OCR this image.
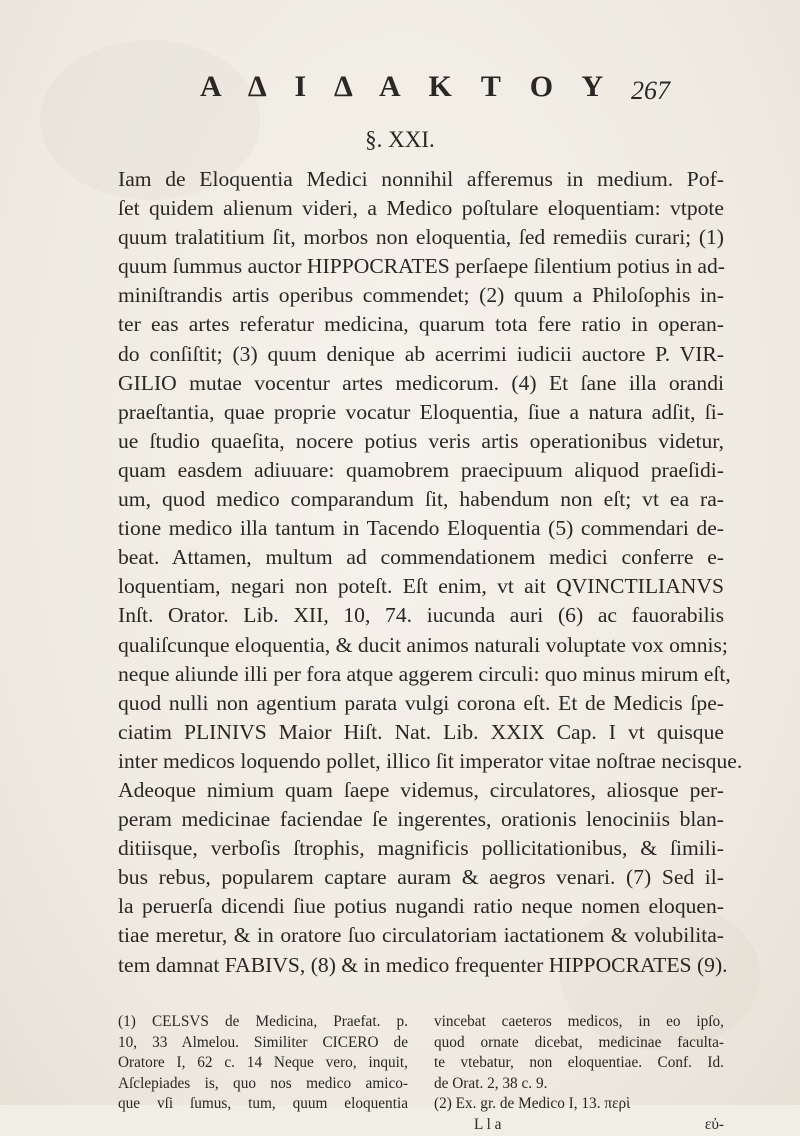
Α Δ Ι Δ Α Κ Τ Ο Υ 267
§. XXI.
Iam de Eloquentia Medici nonnihil afferemus in medium. Pof-
ſet quidem alienum videri, a Medico poſtulare eloquentiam: vtpote
quum tralatitium ſit, morbos non eloquentia, ſed remediis curari; (1)
quum ſummus auctor HIPPOCRATES perſaepe ſilentium potius in ad-
miniſtrandis artis operibus commendet; (2) quum a Philoſophis in-
ter eas artes referatur medicina, quarum tota fere ratio in operan-
do conſiſtit; (3) quum denique ab acerrimi iudicii auctore P. VIR-
GILIO mutae vocentur artes medicorum. (4) Et ſane illa orandi
praeſtantia, quae proprie vocatur Eloquentia, ſiue a natura adſit, ſi-
ue ſtudio quaeſita, nocere potius veris artis operationibus videtur,
quam easdem adiuuare: quamobrem praecipuum aliquod praeſidi-
um, quod medico comparandum ſit, habendum non eſt; vt ea ra-
tione medico illa tantum in Tacendo Eloquentia (5) commendari de-
beat. Attamen, multum ad commendationem medici conferre e-
loquentiam, negari non poteſt. Eſt enim, vt ait QVINCTILIANVS
Inſt. Orator. Lib. XII, 10, 74. iucunda auri (6) ac fauorabilis
qualiſcunque eloquentia, & ducit animos naturali voluptate vox omnis;
neque aliunde illi per fora atque aggerem circuli: quo minus mirum eſt,
quod nulli non agentium parata vulgi corona eſt. Et de Medicis ſpe-
ciatim PLINIVS Maior Hiſt. Nat. Lib. XXIX Cap. I vt quisque
inter medicos loquendo pollet, illico ſit imperator vitae noſtrae necisque.
Adeoque nimium quam ſaepe videmus, circulatores, aliosque per-
peram medicinae faciendae ſe ingerentes, orationis lenociniis blan-
ditiisque, verboſis ſtrophis, magnificis pollicitationibus, & ſimili-
bus rebus, popularem captare auram & aegros venari. (7) Sed il-
la peruerſa dicendi ſiue potius nugandi ratio neque nomen eloquen-
tiae meretur, & in oratore ſuo circulatoriam iactationem & volubilita-
tem damnat FABIVS, (8) & in medico frequenter HIPPOCRATES (9).
(1) CELSVS de Medicina, Praefat. p.
10, 33 Almelou. Similiter CICERO de
Oratore I, 62 c. 14 Neque vero, inquit,
Aſclepiades is, quo nos medico amico-
que vſi ſumus, tum, quum eloquentia
vincebat caeteros medicos, in eo ipſo,
quod ornate dicebat, medicinae faculta-
te vtebatur, non eloquentiae. Conf. Id.
de Orat. 2, 38 c. 9.
(2) Ex. gr. de Medico I, 13. περὶ
L l a	εὐ-
